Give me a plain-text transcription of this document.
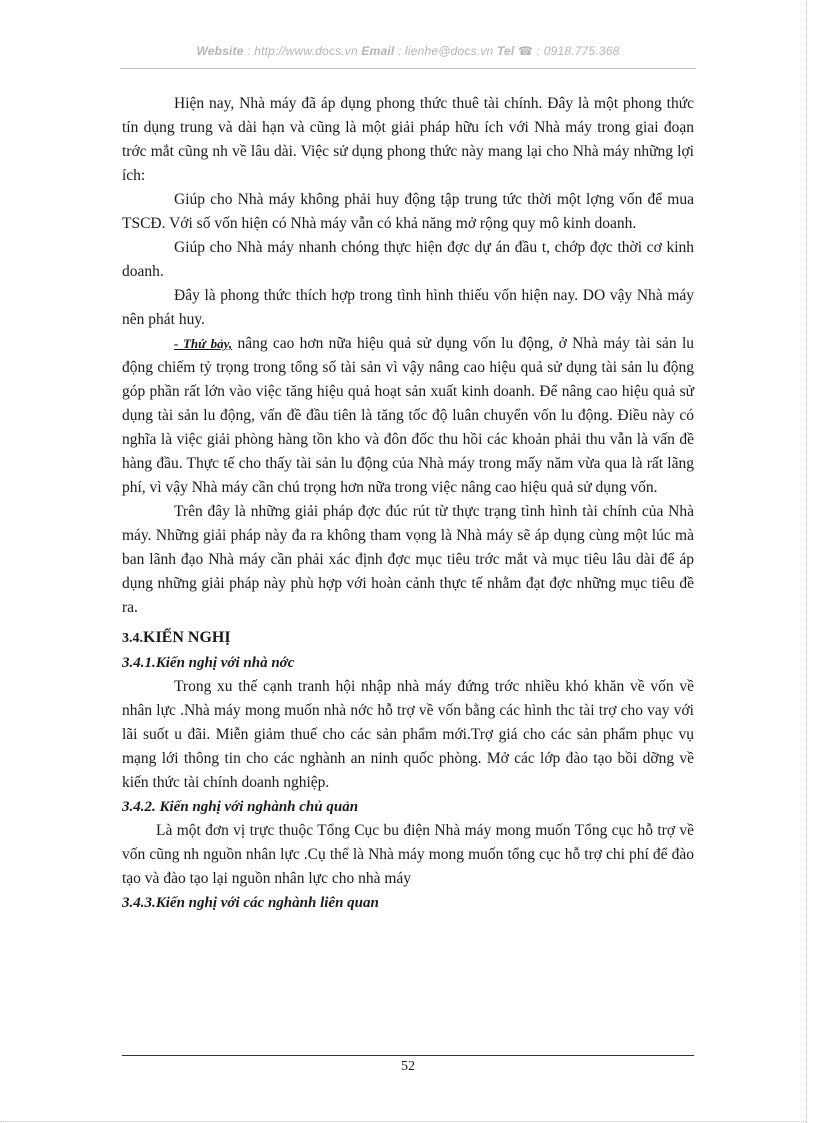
Website : http://www.docs.vn Email : lienhe@docs.vn Tel ☎ : 0918.775.368

Hiện nay, Nhà máy đã áp dụng phong thức thuê tài chính. Đây là một phong thức tín dụng trung và dài hạn và cũng là một giải pháp hữu ích với Nhà máy trong giai đoạn trớc mắt cũng nh về lâu dài. Việc sử dụng phong thức này mang lại cho Nhà máy những lợi ích:

Giúp cho Nhà máy không phải huy động tập trung tức thời một lợng vốn để mua TSCĐ. Với số vốn hiện có Nhà máy vẫn có khả năng mở rộng quy mô kinh doanh.

Giúp cho Nhà máy nhanh chóng thực hiện đợc dự án đầu t, chớp đợc thời cơ kinh doanh.

Đây là phong thức thích hợp trong tình hình thiếu vốn hiện nay. DO vậy Nhà máy nên phát huy.

- Thứ bảy, nâng cao hơn nữa hiệu quả sử dụng vốn lu động, ở Nhà máy tài sản lu động chiếm tỷ trọng trong tổng số tài sản vì vậy nâng cao hiệu quả sử dụng tài sản lu động góp phần rất lớn vào việc tăng hiệu quả hoạt sản xuất kinh doanh. Để nâng cao hiệu quả sử dụng tài sản lu động, vấn đề đầu tiên là tăng tốc độ luân chuyển vốn lu động. Điều này có nghĩa là việc giải phòng hàng tồn kho và đôn đốc thu hồi các khoản phải thu vẫn là vấn đề hàng đầu. Thực tế cho thấy tài sản lu động của Nhà máy trong mấy năm vừa qua là rất lãng phí, vì vậy Nhà máy cần chú trọng hơn nữa trong việc nâng cao hiệu quả sử dụng vốn.

Trên đây là những giải pháp đợc đúc rút từ thực trạng tình hình tài chính của Nhà máy. Những giải pháp này đa ra không tham vọng là Nhà máy sẽ áp dụng cùng một lúc mà ban lãnh đạo Nhà máy cần phải xác định đợc mục tiêu trớc mắt và mục tiêu lâu dài để áp dụng những giải pháp này phù hợp với hoàn cảnh thực tế nhằm đạt đợc những mục tiêu đề ra.

3.4.KIẾN NGHỊ

3.4.1.Kiến nghị với nhà nớc

Trong xu thế cạnh tranh hội nhập nhà máy đứng trớc nhiều khó khăn về vốn về nhân lực .Nhà máy mong muốn nhà nớc hỗ trợ về vốn bằng các hình thc tài trợ cho vay với lãi suốt u đãi. Miễn giảm thuế cho các sản phẩm mới.Trợ giá cho các sản phẩm phục vụ mạng lới thông tin cho các nghành an ninh quốc phòng. Mở các lớp đào tạo bồi dỡng về kiến thức tài chính doanh nghiệp.

3.4.2. Kiến nghị với nghành chủ quản

Là một đơn vị trực thuộc Tổng Cục bu điện Nhà máy mong muốn Tổng cục hỗ trợ về vốn cũng nh nguồn nhân lực .Cụ thể là Nhà máy mong muốn tổng cục hỗ trợ chi phí để đào tạo và đào tạo lại nguồn nhân lực cho nhà máy

3.4.3.Kiến nghị với các nghành liên quan

52
